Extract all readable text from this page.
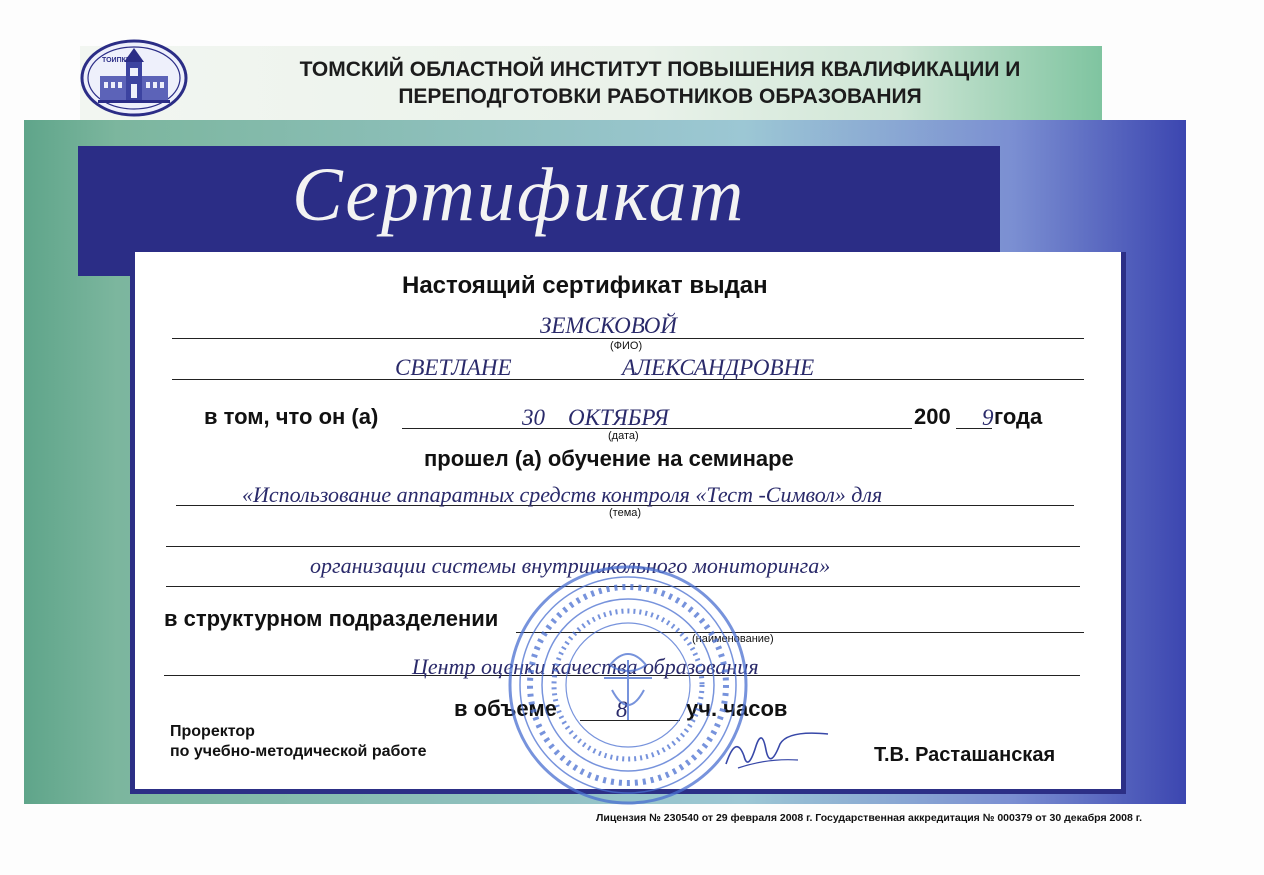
ТОИПКРО	ТОМСКИЙ ОБЛАСТНОЙ ИНСТИТУТ ПОВЫШЕНИЯ КВАЛИФИКАЦИИ И
ПЕРЕПОДГОТОВКИ РАБОТНИКОВ ОБРАЗОВАНИЯ
Сертификат
Настоящий сертификат выдан
ЗЕМСКОВОЙ
(ФИО)
СВЕТЛАНЕ	АЛЕКСАНДРОВНЕ
в том, что он (а)	30    ОКТЯБРЯ	200 9 года
(дата)
прошел (а) обучение на семинаре
«Использование аппаратных средств контроля «Тест -Символ» для
(тема)
организации системы внутришкольного мониторинга»
в структурном подразделении
(наименование)
Центр оценки качества образования
в объеме	8	уч. часов
Проректор
по учебно-методической работе	Т.В. Расташанская
Лицензия № 230540 от 29 февраля 2008 г. Государственная аккредитация № 000379 от 30 декабря 2008 г.
